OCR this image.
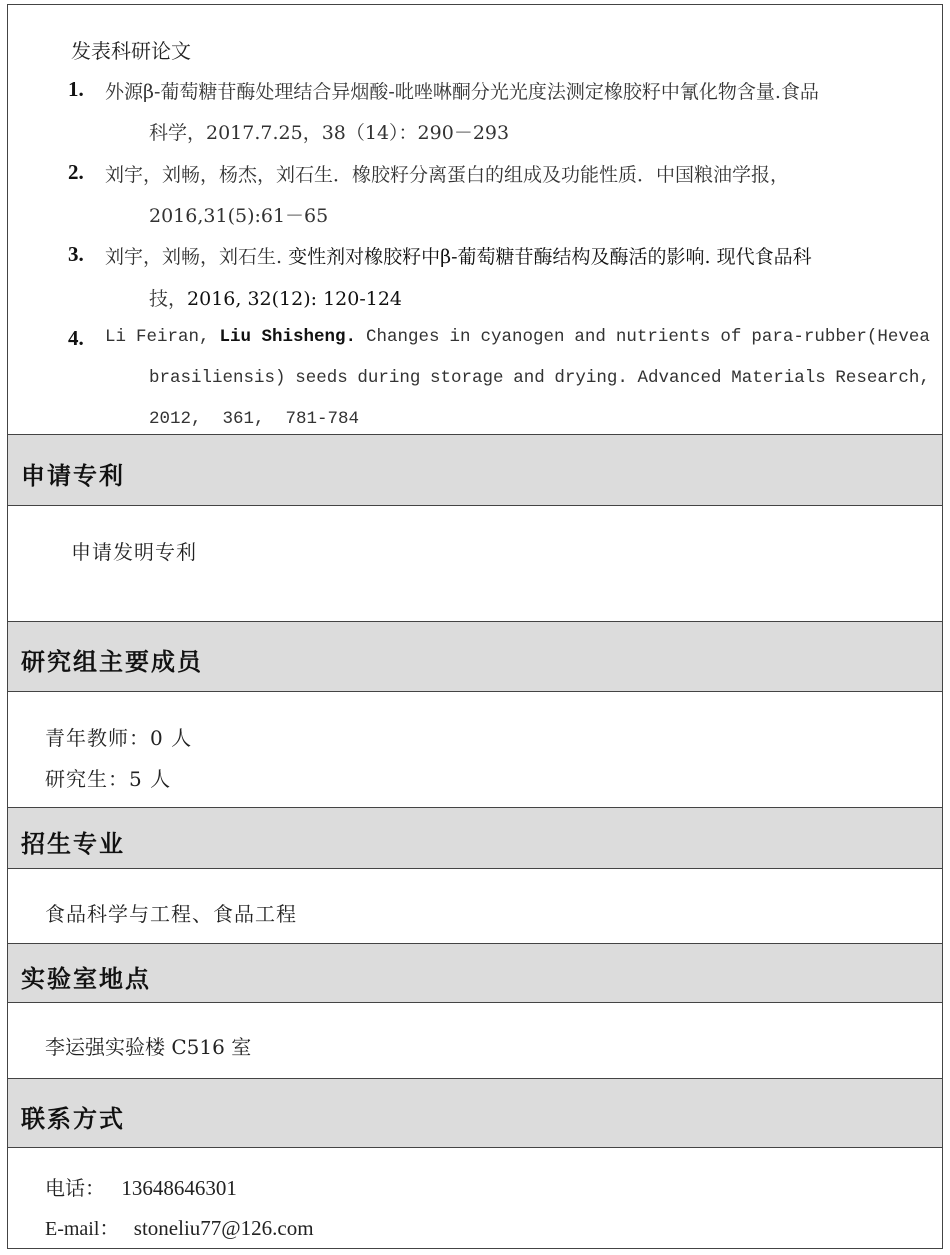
发表科研论文
1. 外源β-葡萄糖苷酶处理结合异烟酸-吡唑啉酮分光光度法测定橡胶籽中氰化物含量.食品
科学，2017.7.25，38（14）：290－293
2. 刘宇，刘畅，杨杰，刘石生．橡胶籽分离蛋白的组成及功能性质．中国粮油学报，
2016,31(5):61－65
3. 刘宇，刘畅，刘石生. 变性剂对橡胶籽中β-葡萄糖苷酶结构及酶活的影响. 现代食品科
技，2016, 32(12): 120-124
4. Li Feiran, Liu Shisheng. Changes in cyanogen and nutrients of para-rubber(Hevea
brasiliensis) seeds during storage and drying. Advanced Materials Research,
2012,  361,  781-784
申请专利
申请发明专利
研究组主要成员
青年教师：0 人
研究生：5 人
招生专业
食品科学与工程、食品工程
实验室地点
李运强实验楼 C516 室
联系方式
电话： 13648646301
E-mail： stoneliu77@126.com
